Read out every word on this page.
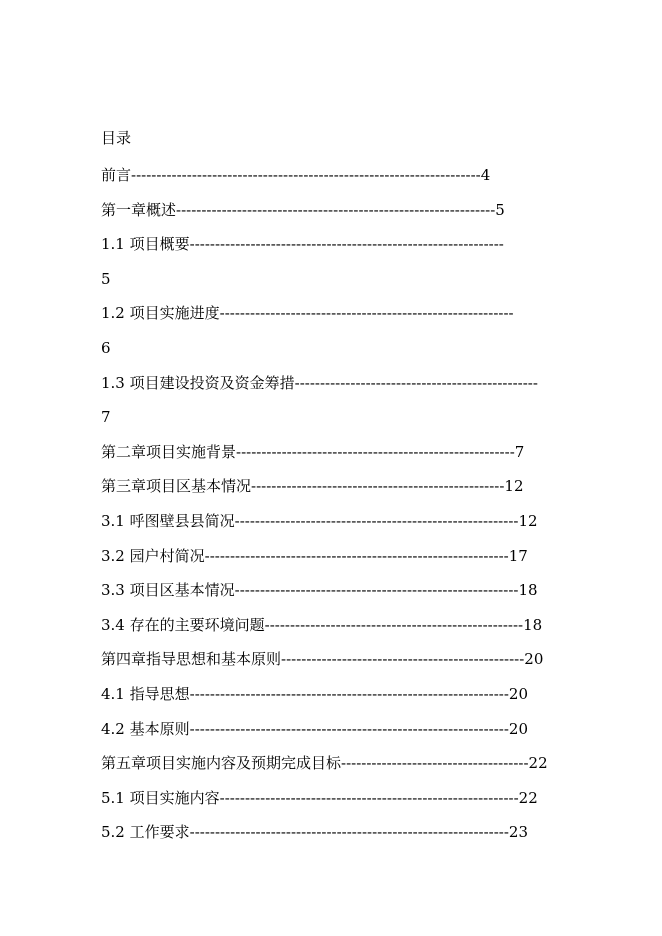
目录
前言---------------------------------------------------------------------4
第一章概述---------------------------------------------------------------5
1.1 项目概要--------------------------------------------------------------
5
1.2 项目实施进度----------------------------------------------------------
6
1.3 项目建设投资及资金筹措------------------------------------------------
7
第二章项目实施背景-------------------------------------------------------7
第三章项目区基本情况--------------------------------------------------12
3.1 呼图壁县县简况--------------------------------------------------------12
3.2 园户村简况------------------------------------------------------------17
3.3 项目区基本情况--------------------------------------------------------18
3.4 存在的主要环境问题---------------------------------------------------18
第四章指导思想和基本原则------------------------------------------------20
4.1 指导思想---------------------------------------------------------------20
4.2 基本原则---------------------------------------------------------------20
第五章项目实施内容及预期完成目标-------------------------------------22
5.1 项目实施内容-----------------------------------------------------------22
5.2 工作要求---------------------------------------------------------------23
